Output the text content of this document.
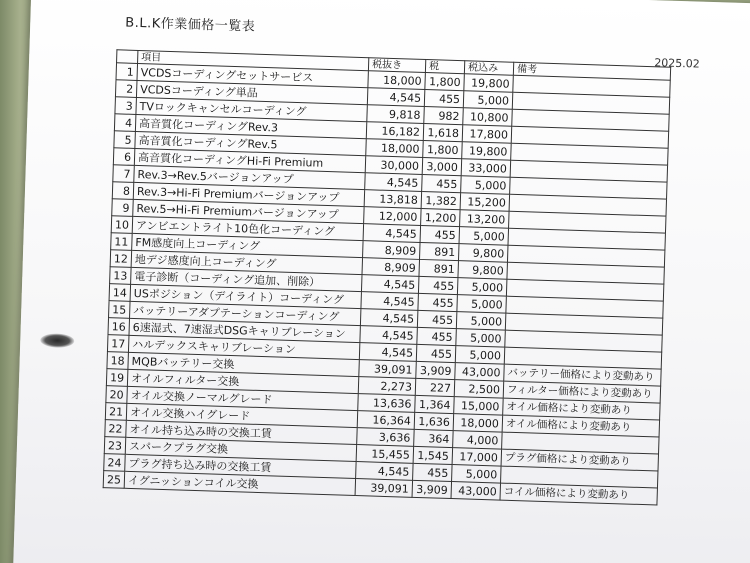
B.L.K作業価格一覧表
2025.02
	項目	税抜き	税	税込み	備考
1	VCDSコーディングセットサービス	18,000	1,800	19,800	
2	VCDSコーディング単品	4,545	455	5,000	
3	TVロックキャンセルコーディング	9,818	982	10,800	
4	高音質化コーディングRev.3	16,182	1,618	17,800	
5	高音質化コーディングRev.5	18,000	1,800	19,800	
6	高音質化コーディングHi-Fi Premium	30,000	3,000	33,000	
7	Rev.3→Rev.5バージョンアップ	4,545	455	5,000	
8	Rev.3→Hi-Fi Premiumバージョンアップ	13,818	1,382	15,200	
9	Rev.5→Hi-Fi Premiumバージョンアップ	12,000	1,200	13,200	
10	アンビエントライト10色化コーディング	4,545	455	5,000	
11	FM感度向上コーディング	8,909	891	9,800	
12	地デジ感度向上コーディング	8,909	891	9,800	
13	電子診断（コーディング追加、削除）	4,545	455	5,000	
14	USポジション（デイライト）コーディング	4,545	455	5,000	
15	バッテリーアダプテーションコーディング	4,545	455	5,000	
16	6速湿式、7速湿式DSGキャリブレーション	4,545	455	5,000	
17	ハルデックスキャリブレーション	4,545	455	5,000	
18	MQBバッテリー交換	39,091	3,909	43,000	バッテリー価格により変動あり
19	オイルフィルター交換	2,273	227	2,500	フィルター価格により変動あり
20	オイル交換ノーマルグレード	13,636	1,364	15,000	オイル価格により変動あり
21	オイル交換ハイグレード	16,364	1,636	18,000	オイル価格により変動あり
22	オイル持ち込み時の交換工賃	3,636	364	4,000	
23	スパークプラグ交換	15,455	1,545	17,000	プラグ価格により変動あり
24	プラグ持ち込み時の交換工賃	4,545	455	5,000	
25	イグニッションコイル交換	39,091	3,909	43,000	コイル価格により変動あり
